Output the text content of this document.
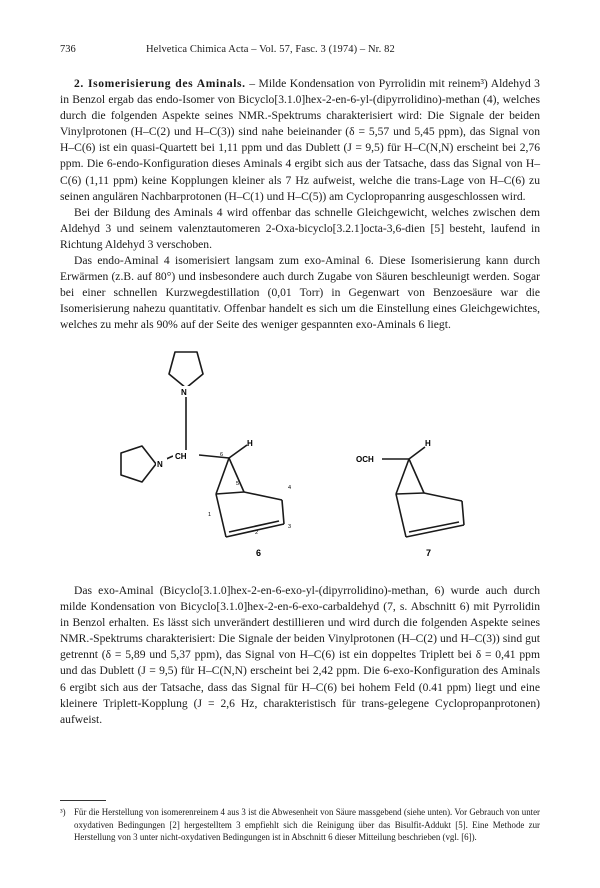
736	Helvetica Chimica Acta – Vol. 57, Fasc. 3 (1974) – Nr. 82

2. Isomerisierung des Aminals. – Milde Kondensation von Pyrrolidin mit reinem³) Aldehyd 3 in Benzol ergab das endo-Isomer von Bicyclo[3.1.0]hex-2-en-6-yl-(dipyrrolidino)-methan (4), welches durch die folgenden Aspekte seines NMR.-Spektrums charakterisiert wird: Die Signale der beiden Vinylprotonen (H–C(2) und H–C(3)) sind nahe beieinander (δ = 5,57 und 5,45 ppm), das Signal von H–C(6) ist ein quasi-Quartett bei 1,11 ppm und das Dublett (J = 9,5) für H–C(N,N) erscheint bei 2,76 ppm. Die 6-endo-Konfiguration dieses Aminals 4 ergibt sich aus der Tatsache, dass das Signal von H–C(6) (1,11 ppm) keine Kopplungen kleiner als 7 Hz aufweist, welche die trans-Lage von H–C(6) zu seinen angulären Nachbarprotonen (H–C(1) und H–C(5)) am Cyclopropanring ausgeschlossen wird.

Bei der Bildung des Aminals 4 wird offenbar das schnelle Gleichgewicht, welches zwischen dem Aldehyd 3 und seinem valenztautomeren 2-Oxa-bicyclo[3.2.1]octa-3,6-dien [5] besteht, laufend in Richtung Aldehyd 3 verschoben.

Das endo-Aminal 4 isomerisiert langsam zum exo-Aminal 6. Diese Isomerisierung kann durch Erwärmen (z.B. auf 80°) und insbesondere auch durch Zugabe von Säuren beschleunigt werden. Sogar bei einer schnellen Kurzwegdestillation (0,01 Torr) in Gegenwart von Benzoesäure war die Isomerisierung nahezu quantitativ. Offenbar handelt es sich um die Einstellung eines Gleichgewichtes, welches zu mehr als 90% auf der Seite des weniger gespannten exo-Aminals 6 liegt.

N
N
CH
H
6
5
4
1
3
2
6
OCH
H
7

Das exo-Aminal (Bicyclo[3.1.0]hex-2-en-6-exo-yl-(dipyrrolidino)-methan, 6) wurde auch durch milde Kondensation von Bicyclo[3.1.0]hex-2-en-6-exo-carbaldehyd (7, s. Abschnitt 6) mit Pyrrolidin in Benzol erhalten. Es lässt sich unverändert destillieren und wird durch die folgenden Aspekte seines NMR.-Spektrums charakterisiert: Die Signale der beiden Vinylprotonen (H–C(2) und H–C(3)) sind gut getrennt (δ = 5,89 und 5,37 ppm), das Signal von H–C(6) ist ein doppeltes Triplett bei δ = 0,41 ppm und das Dublett (J = 9,5) für H–C(N,N) erscheint bei 2,42 ppm. Die 6-exo-Konfiguration des Aminals 6 ergibt sich aus der Tatsache, dass das Signal für H–C(6) bei hohem Feld (0.41 ppm) liegt und eine kleinere Triplett-Kopplung (J = 2,6 Hz, charakteristisch für trans-gelegene Cyclopropanprotonen) aufweist.

³) Für die Herstellung von isomerenreinem 4 aus 3 ist die Abwesenheit von Säure massgebend (siehe unten). Vor Gebrauch von unter oxydativen Bedingungen [2] hergestelltem 3 empfiehlt sich die Reinigung über das Bisulfit-Addukt [5]. Eine Methode zur Herstellung von 3 unter nicht-oxydativen Bedingungen ist in Abschnitt 6 dieser Mitteilung beschrieben (vgl. [6]).
